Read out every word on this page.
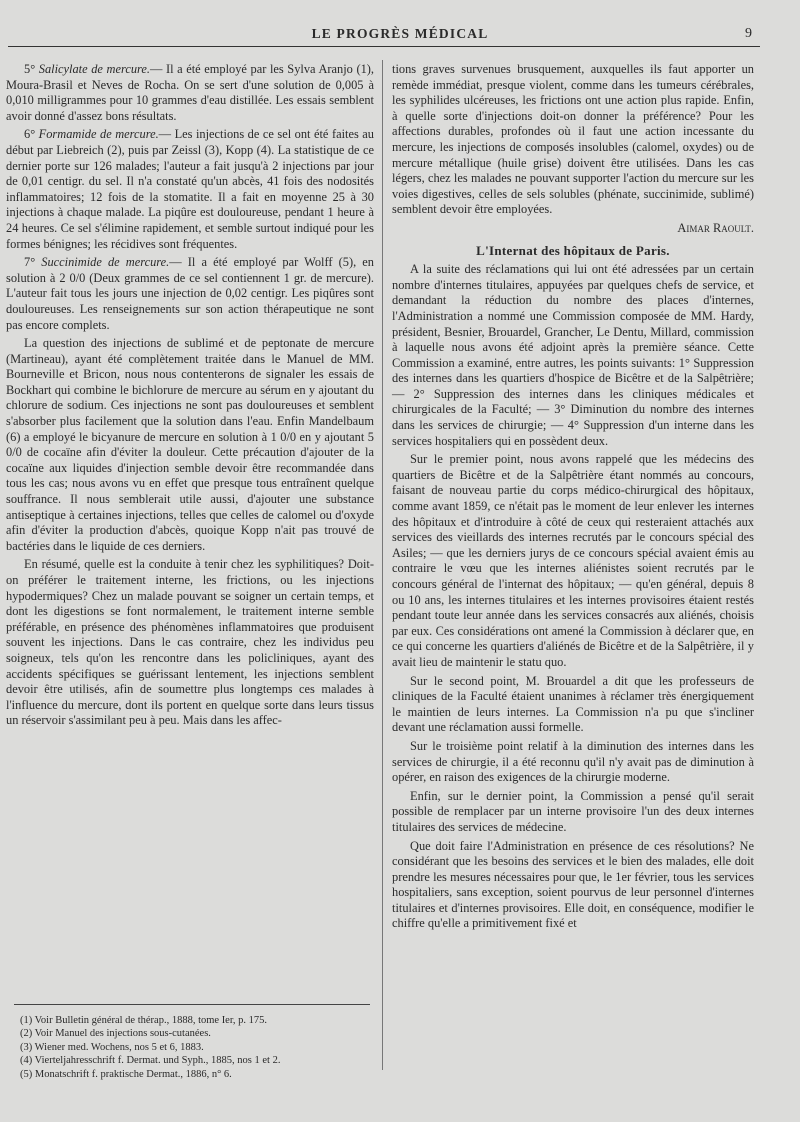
LE PROGRÈS MÉDICAL	9

5° Salicylate de mercure.— Il a été employé par les Sylva Aranjo (1), Moura-Brasil et Neves de Rocha. On se sert d'une solution de 0,005 à 0,010 milligrammes pour 10 grammes d'eau distillée. Les essais semblent avoir donné d'assez bons résultats.

6° Formamide de mercure.— Les injections de ce sel ont été faites au début par Liebreich (2), puis par Zeissl (3), Kopp (4). La statistique de ce dernier porte sur 126 malades; l'auteur a fait jusqu'à 2 injections par jour de 0,01 centigr. du sel. Il n'a constaté qu'un abcès, 41 fois des nodosités inflammatoires; 12 fois de la stomatite. Il a fait en moyenne 25 à 30 injections à chaque malade. La piqûre est douloureuse, pendant 1 heure à 24 heures. Ce sel s'élimine rapidement, et semble surtout indiqué pour les formes bénignes; les récidives sont fréquentes.

7° Succinimide de mercure.— Il a été employé par Wolff (5), en solution à 2 0/0 (Deux grammes de ce sel contiennent 1 gr. de mercure). L'auteur fait tous les jours une injection de 0,02 centigr. Les piqûres sont douloureuses. Les renseignements sur son action thérapeutique ne sont pas encore complets.

La question des injections de sublimé et de peptonate de mercure (Martineau), ayant été complètement traitée dans le Manuel de MM. Bourneville et Bricon, nous nous contenterons de signaler les essais de Bockhart qui combine le bichlorure de mercure au sérum en y ajoutant du chlorure de sodium. Ces injections ne sont pas douloureuses et semblent s'absorber plus facilement que la solution dans l'eau. Enfin Mandelbaum (6) a employé le bicyanure de mercure en solution à 1 0/0 en y ajoutant 5 0/0 de cocaïne afin d'éviter la douleur. Cette précaution d'ajouter de la cocaïne aux liquides d'injection semble devoir être recommandée dans tous les cas; nous avons vu en effet que presque tous entraînent quelque souffrance. Il nous semblerait utile aussi, d'ajouter une substance antiseptique à certaines injections, telles que celles de calomel ou d'oxyde afin d'éviter la production d'abcès, quoique Kopp n'ait pas trouvé de bactéries dans le liquide de ces derniers.

En résumé, quelle est la conduite à tenir chez les syphilitiques? Doit-on préférer le traitement interne, les frictions, ou les injections hypodermiques? Chez un malade pouvant se soigner un certain temps, et dont les digestions se font normalement, le traitement interne semble préférable, en présence des phénomènes inflammatoires que produisent souvent les injections. Dans le cas contraire, chez les individus peu soigneux, tels qu'on les rencontre dans les policliniques, ayant des accidents spécifiques se guérissant lentement, les injections semblent devoir être utilisés, afin de soumettre plus longtemps ces malades à l'influence du mercure, dont ils portent en quelque sorte dans leurs tissus un réservoir s'assimilant peu à peu. Mais dans les affec-

tions graves survenues brusquement, auxquelles ils faut apporter un remède immédiat, presque violent, comme dans les tumeurs cérébrales, les syphilides ulcéreuses, les frictions ont une action plus rapide. Enfin, à quelle sorte d'injections doit-on donner la préférence? Pour les affections durables, profondes où il faut une action incessante du mercure, les injections de composés insolubles (calomel, oxydes) ou de mercure métallique (huile grise) doivent être utilisées. Dans les cas légers, chez les malades ne pouvant supporter l'action du mercure sur les voies digestives, celles de sels solubles (phénate, succinimide, sublimé) semblent devoir être employées.

Aimar Raoult.
L'Internat des hôpitaux de Paris.

A la suite des réclamations qui lui ont été adressées par un certain nombre d'internes titulaires, appuyées par quelques chefs de service, et demandant la réduction du nombre des places d'internes, l'Administration a nommé une Commission composée de MM. Hardy, président, Besnier, Brouardel, Grancher, Le Dentu, Millard, commission à laquelle nous avons été adjoint après la première séance. Cette Commission a examiné, entre autres, les points suivants: 1° Suppression des internes dans les quartiers d'hospice de Bicêtre et de la Salpêtrière; — 2° Suppression des internes dans les cliniques médicales et chirurgicales de la Faculté; — 3° Diminution du nombre des internes dans les services de chirurgie; — 4° Suppression d'un interne dans les services hospitaliers qui en possèdent deux.

Sur le premier point, nous avons rappelé que les médecins des quartiers de Bicêtre et de la Salpêtrière étant nommés au concours, faisant de nouveau partie du corps médico-chirurgical des hôpitaux, comme avant 1859, ce n'était pas le moment de leur enlever les internes des hôpitaux et d'introduire à côté de ceux qui resteraient attachés aux services des vieillards des internes recrutés par le concours spécial des Asiles; — que les derniers jurys de ce concours spécial avaient émis au contraire le vœu que les internes aliénistes soient recrutés par le concours général de l'internat des hôpitaux; — qu'en général, depuis 8 ou 10 ans, les internes titulaires et les internes provisoires étaient restés pendant toute leur année dans les services consacrés aux aliénés, choisis par eux. Ces considérations ont amené la Commission à déclarer que, en ce qui concerne les quartiers d'aliénés de Bicêtre et de la Salpêtrière, il y avait lieu de maintenir le statu quo.

Sur le second point, M. Brouardel a dit que les professeurs de cliniques de la Faculté étaient unanimes à réclamer très énergiquement le maintien de leurs internes. La Commission n'a pu que s'incliner devant une réclamation aussi formelle.

Sur le troisième point relatif à la diminution des internes dans les services de chirurgie, il a été reconnu qu'il n'y avait pas de diminution à opérer, en raison des exigences de la chirurgie moderne.

Enfin, sur le dernier point, la Commission a pensé qu'il serait possible de remplacer par un interne provisoire l'un des deux internes titulaires des services de médecine.

Que doit faire l'Administration en présence de ces résolutions? Ne considérant que les besoins des services et le bien des malades, elle doit prendre les mesures nécessaires pour que, le 1er février, tous les services hospitaliers, sans exception, soient pourvus de leur personnel d'internes titulaires et d'internes provisoires. Elle doit, en conséquence, modifier le chiffre qu'elle a primitivement fixé et

(1) Voir Bulletin général de thérap., 1888, tome Ier, p. 175.
(2) Voir Manuel des injections sous-cutanées.
(3) Wiener med. Wochens, nos 5 et 6, 1883.
(4) Vierteljahresschrift f. Dermat. und Syph., 1885, nos 1 et 2.
(5) Monatschrift f. praktische Dermat., 1886, n° 6.
